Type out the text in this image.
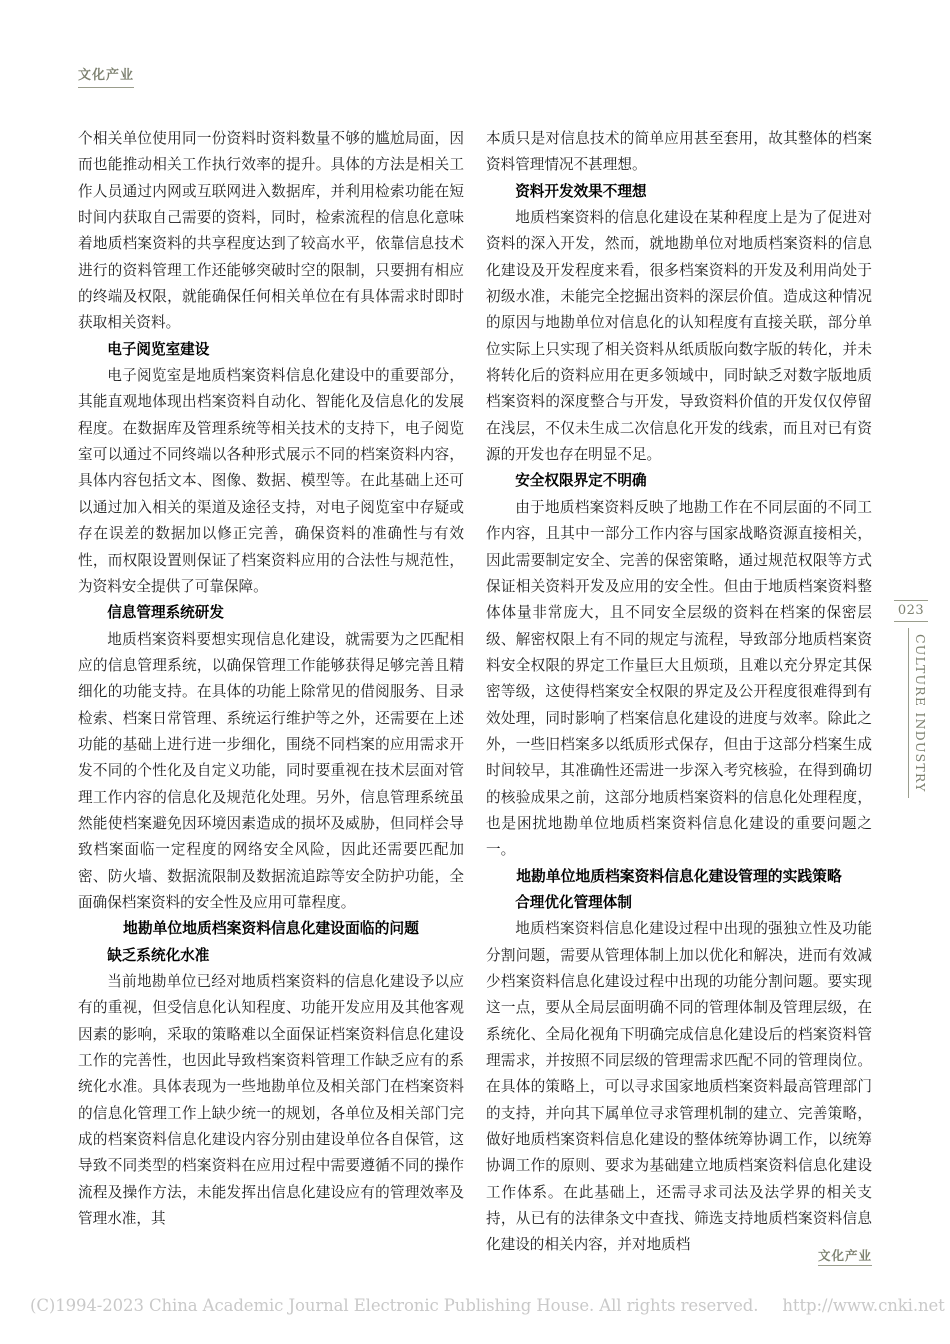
文化产业

个相关单位使用同一份资料时资料数量不够的尴尬局面，因而也能推动相关工作执行效率的提升。具体的方法是相关工作人员通过内网或互联网进入数据库，并利用检索功能在短时间内获取自己需要的资料，同时，检索流程的信息化意味着地质档案资料的共享程度达到了较高水平，依靠信息技术进行的资料管理工作还能够突破时空的限制，只要拥有相应的终端及权限，就能确保任何相关单位在有具体需求时即时获取相关资料。

电子阅览室建设

电子阅览室是地质档案资料信息化建设中的重要部分，其能直观地体现出档案资料自动化、智能化及信息化的发展程度。在数据库及管理系统等相关技术的支持下，电子阅览室可以通过不同终端以各种形式展示不同的档案资料内容，具体内容包括文本、图像、数据、模型等。在此基础上还可以通过加入相关的渠道及途径支持，对电子阅览室中存疑或存在误差的数据加以修正完善，确保资料的准确性与有效性，而权限设置则保证了档案资料应用的合法性与规范性，为资料安全提供了可靠保障。

信息管理系统研发

地质档案资料要想实现信息化建设，就需要为之匹配相应的信息管理系统，以确保管理工作能够获得足够完善且精细化的功能支持。在具体的功能上除常见的借阅服务、目录检索、档案日常管理、系统运行维护等之外，还需要在上述功能的基础上进行进一步细化，围绕不同档案的应用需求开发不同的个性化及自定义功能，同时要重视在技术层面对管理工作内容的信息化及规范化处理。另外，信息管理系统虽然能使档案避免因环境因素造成的损坏及威胁，但同样会导致档案面临一定程度的网络安全风险，因此还需要匹配加密、防火墙、数据流限制及数据流追踪等安全防护功能，全面确保档案资料的安全性及应用可靠程度。

地勘单位地质档案资料信息化建设面临的问题
缺乏系统化水准

当前地勘单位已经对地质档案资料的信息化建设予以应有的重视，但受信息化认知程度、功能开发应用及其他客观因素的影响，采取的策略难以全面保证档案资料信息化建设工作的完善性，也因此导致档案资料管理工作缺乏应有的系统化水准。具体表现为一些地勘单位及相关部门在档案资料的信息化管理工作上缺少统一的规划，各单位及相关部门完成的档案资料信息化建设内容分别由建设单位各自保管，这导致不同类型的档案资料在应用过程中需要遵循不同的操作流程及操作方法，未能发挥出信息化建设应有的管理效率及管理水准，其

本质只是对信息技术的简单应用甚至套用，故其整体的档案资料管理情况不甚理想。

资料开发效果不理想

地质档案资料的信息化建设在某种程度上是为了促进对资料的深入开发，然而，就地勘单位对地质档案资料的信息化建设及开发程度来看，很多档案资料的开发及利用尚处于初级水准，未能完全挖掘出资料的深层价值。造成这种情况的原因与地勘单位对信息化的认知程度有直接关联，部分单位实际上只实现了相关资料从纸质版向数字版的转化，并未将转化后的资料应用在更多领域中，同时缺乏对数字版地质档案资料的深度整合与开发，导致资料价值的开发仅仅停留在浅层，不仅未生成二次信息化开发的线索，而且对已有资源的开发也存在明显不足。

安全权限界定不明确

由于地质档案资料反映了地勘工作在不同层面的不同工作内容，且其中一部分工作内容与国家战略资源直接相关，因此需要制定安全、完善的保密策略，通过规范权限等方式保证相关资料开发及应用的安全性。但由于地质档案资料整体体量非常庞大，且不同安全层级的资料在档案的保密层级、解密权限上有不同的规定与流程，导致部分地质档案资料安全权限的界定工作量巨大且烦琐，且难以充分界定其保密等级，这使得档案安全权限的界定及公开程度很难得到有效处理，同时影响了档案信息化建设的进度与效率。除此之外，一些旧档案多以纸质形式保存，但由于这部分档案生成时间较早，其准确性还需进一步深入考究核验，在得到确切的核验成果之前，这部分地质档案资料的信息化处理程度，也是困扰地勘单位地质档案资料信息化建设的重要问题之一。

地勘单位地质档案资料信息化建设管理的实践策略
合理优化管理体制

地质档案资料信息化建设过程中出现的强独立性及功能分割问题，需要从管理体制上加以优化和解决，进而有效减少档案资料信息化建设过程中出现的功能分割问题。要实现这一点，要从全局层面明确不同的管理体制及管理层级，在系统化、全局化视角下明确完成信息化建设后的档案资料管理需求，并按照不同层级的管理需求匹配不同的管理岗位。在具体的策略上，可以寻求国家地质档案资料最高管理部门的支持，并向其下属单位寻求管理机制的建立、完善策略，做好地质档案资料信息化建设的整体统筹协调工作，以统筹协调工作的原则、要求为基础建立地质档案资料信息化建设工作体系。在此基础上，还需寻求司法及法学界的相关支持，从已有的法律条文中查找、筛选支持地质档案资料信息化建设的相关内容，并对地质档

023
CULTURE INDUSTRY
文化产业
(C)1994-2023 China Academic Journal Electronic Publishing House. All rights reserved. http://www.cnki.net
